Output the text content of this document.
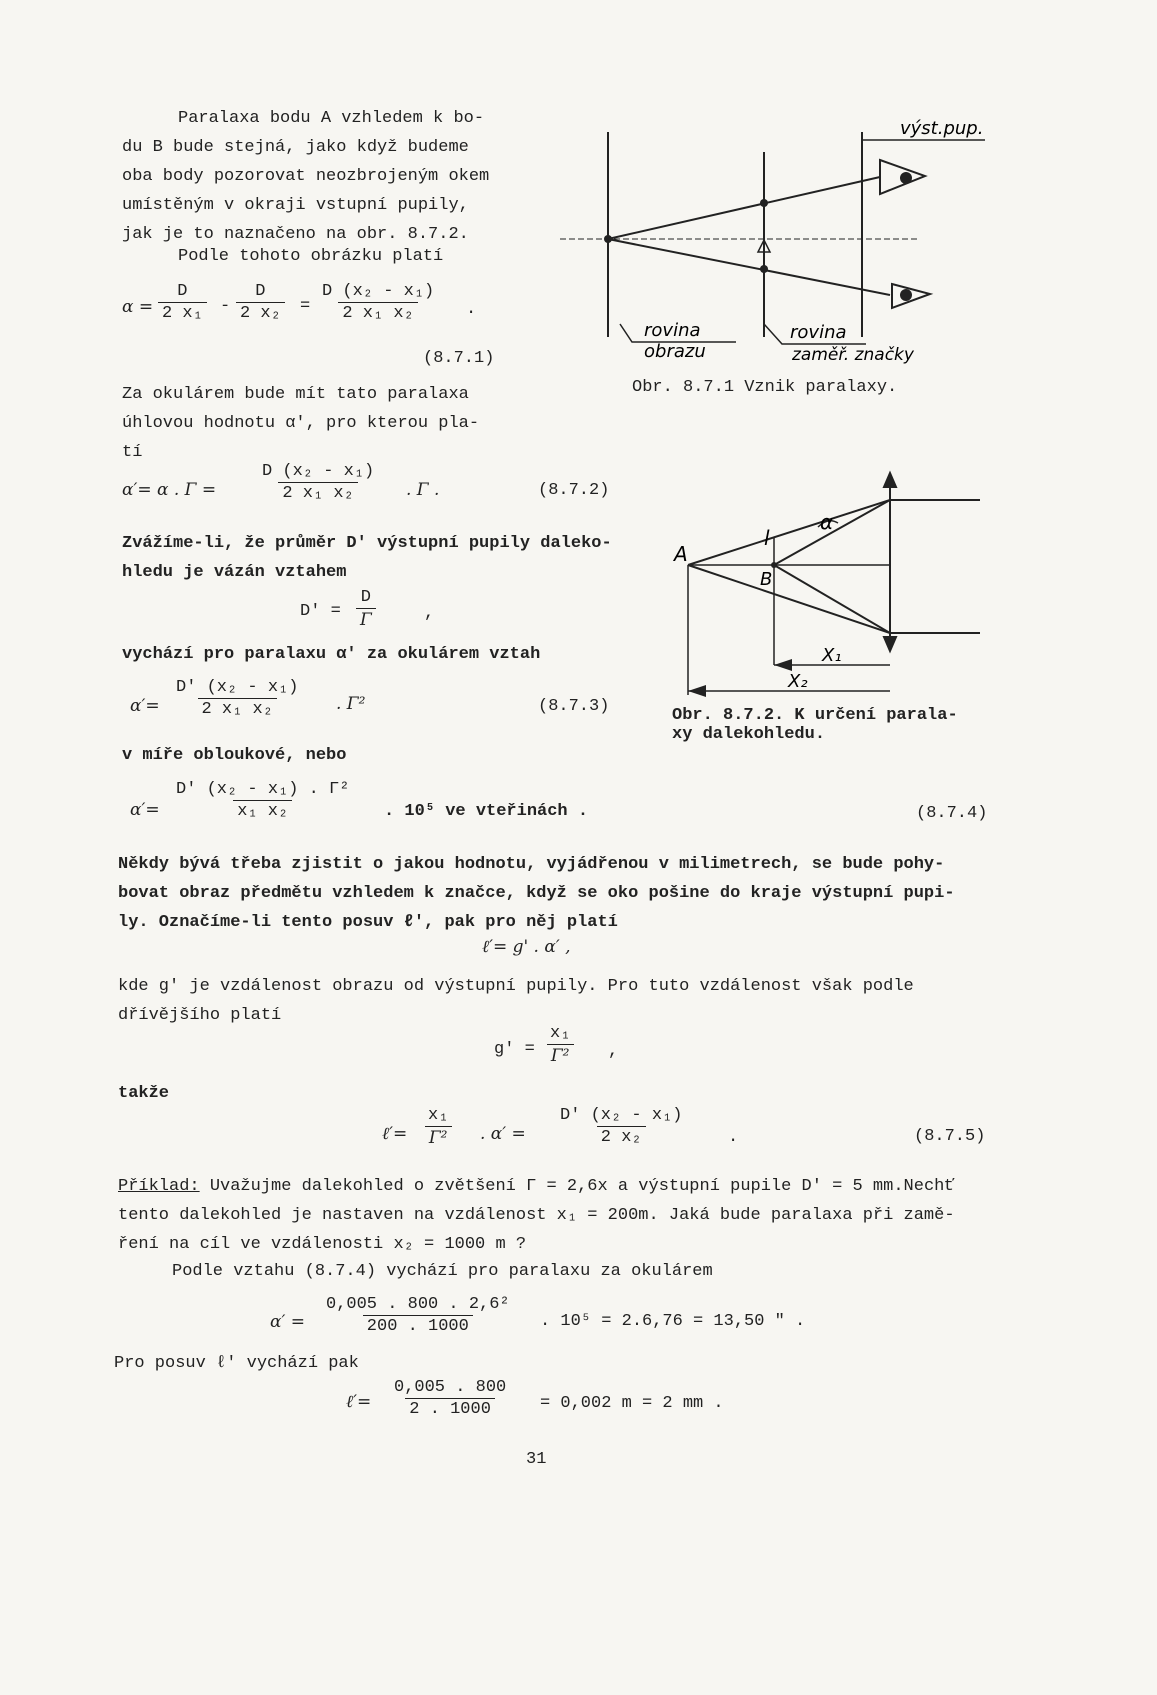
Paralaxa bodu A vzhledem k bo-
du B bude stejná, jako když budeme
oba body pozorovat neozbrojeným okem
umístěným v okraji vstupní pupily,
jak je to naznačeno na obr. 8.7.2.
Podle tohoto obrázku platí
$\alpha = \frac{D}{\text{2 x₁}} - \frac{D}{\text{2 x₂}} = \frac{\text{D (x₂ - x₁)}}{\text{2 x₁ x₂}}$ .
(8.7.1)
výst.pup.
rovina
obrazu
rovina
zaměř. značky
Obr. 8.7.1 Vznik paralaxy.
Za okulárem bude mít tato paralaxa
úhlovou hodnotu α′, pro kterou pla-
tí
α′= α . $\Gamma = \frac{\text{D (x₂ - x₁)}}{\text{2 x₁ x₂}}$ . Γ .	(8.7.2)
Zvážíme-li, že průměr D' výstupní pupily daleko-
hledu je vázán vztahem
$D' = \frac{D}{\Gamma}$	,
vychází pro paralaxu α′ za okulárem vztah
$\alpha'= \frac{\text{D' (x₂ - x₁)}}{\text{2 x₁ x₂}}$ . Γ²	(8.7.3)
A
B
l
α
X₁
X₂
Obr. 8.7.2. K určení parala-
xy dalekohledu.
v míře obloukové, nebo
$\alpha'= \frac{\text{D' (x₂ - x₁) . Γ²}}{\text{x₁ x₂}}$ . 10⁵ ve vteřinách .	(8.7.4)
Někdy bývá třeba zjistit o jakou hodnotu, vyjádřenou v milimetrech, se bude pohy-
bovat obraz předmětu vzhledem k značce, když se oko pošine do kraje výstupní pupi-
ly. Označíme-li tento posuv ℓ′, pak pro něj platí
ℓ′= g' . α′ ,
kde g' je vzdálenost obrazu od výstupní pupily. Pro tuto vzdálenost však podle
dřívějšího platí
$g' = \frac{\text{x₁}}{\text{Γ²}}$ ,
takže
ℓ′= $\frac{\text{x₁}}{\text{Γ²}}$ . $\alpha' = \frac{\text{D' (x₂ - x₁)}}{\text{2 x₂}}$ .	(8.7.5)
Příklad: Uvažujme dalekohled o zvětšení Γ = 2,6x a výstupní pupile D' = 5 mm.Nechť
tento dalekohled je nastaven na vzdálenost x₁ = 200m. Jaká bude paralaxa při zamě-
ření na cíl ve vzdálenosti x₂ = 1000 m ?
Podle vztahu (8.7.4) vychází pro paralaxu za okulárem
$\alpha' = \frac{\text{0,005 . 800 . 2,6²}}{200 . 1000}$ . 10⁵ = 2.6,76 = 13,50 " .
Pro posuv ℓ′ vychází pak
ℓ′= $\frac{0,005 . 800}{2 . 1000} = 0,002$ m = 2 mm .
31
